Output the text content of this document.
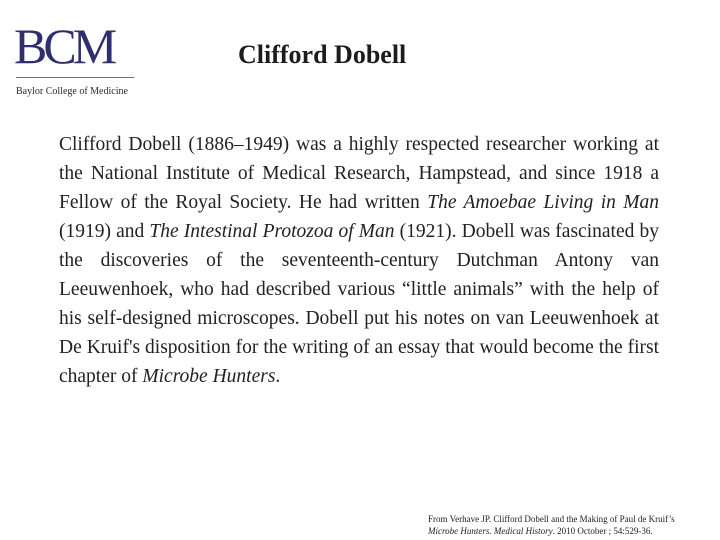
BCM
Baylor College of Medicine
Clifford Dobell
Clifford Dobell (1886–1949) was a highly respected researcher working at the National Institute of Medical Research, Hampstead, and since 1918 a Fellow of the Royal Society. He had written The Amoebae Living in Man (1919) and The Intestinal Protozoa of Man (1921). Dobell was fascinated by the discoveries of the seventeenth-century Dutchman Antony van Leeuwenhoek, who had described various “little animals” with the help of his self-designed microscopes. Dobell put his notes on van Leeuwenhoek at De Kruif's disposition for the writing of an essay that would become the first chapter of Microbe Hunters.
From Verhave JP. Clifford Dobell and the Making of Paul de Kruif’s
Microbe Hunters. Medical History. 2010 October ; 54:529-36.
